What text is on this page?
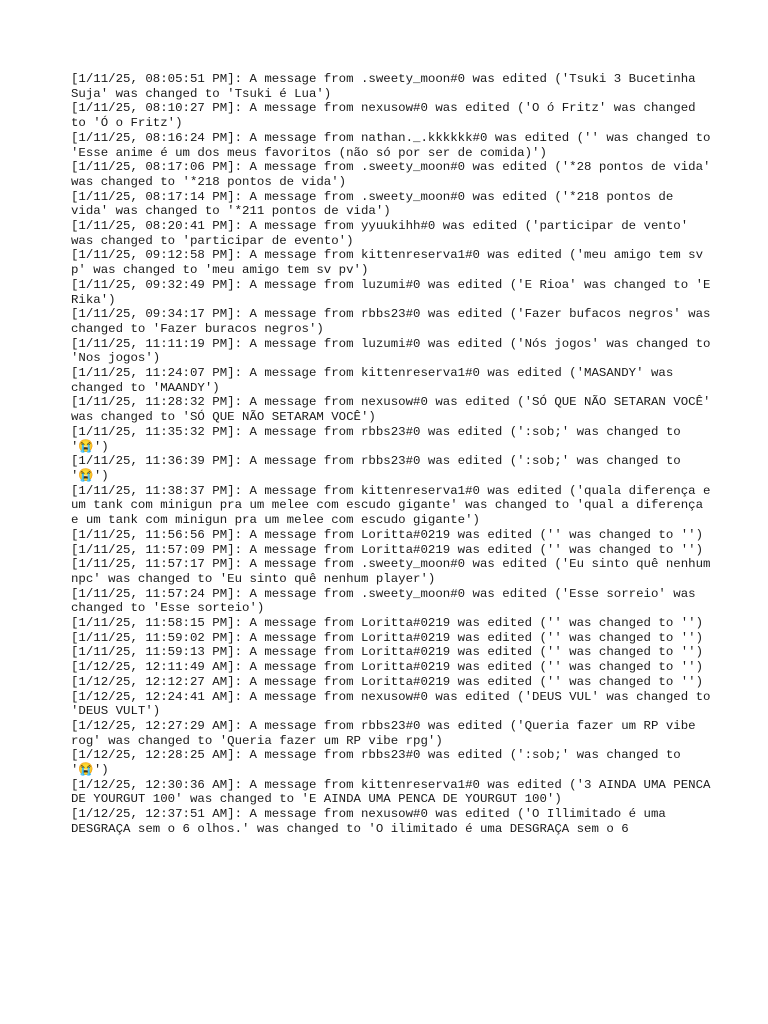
[1/11/25, 08:05:51 PM]: A message from .sweety_moon#0 was edited ('Tsuki 3 Bucetinha Suja' was changed to 'Tsuki é Lua')

[1/11/25, 08:10:27 PM]: A message from nexusow#0 was edited ('O ó Fritz' was changed to 'Ó o Fritz')

[1/11/25, 08:16:24 PM]: A message from nathan._.kkkkkk#0 was edited ('' was changed to 'Esse anime é um dos meus favoritos (não só por ser de comida)')

[1/11/25, 08:17:06 PM]: A message from .sweety_moon#0 was edited ('*28 pontos de vida' was changed to '*218 pontos de vida')

[1/11/25, 08:17:14 PM]: A message from .sweety_moon#0 was edited ('*218 pontos de vida' was changed to '*211 pontos de vida')

[1/11/25, 08:20:41 PM]: A message from yyuukihh#0 was edited ('participar de vento' was changed to 'participar de evento')

[1/11/25, 09:12:58 PM]: A message from kittenreserva1#0 was edited ('meu amigo tem sv p' was changed to 'meu amigo tem sv pv')

[1/11/25, 09:32:49 PM]: A message from luzumi#0 was edited ('E Rioa' was changed to 'E Rika')

[1/11/25, 09:34:17 PM]: A message from rbbs23#0 was edited ('Fazer bufacos negros' was changed to 'Fazer buracos negros')

[1/11/25, 11:11:19 PM]: A message from luzumi#0 was edited ('Nós jogos' was changed to 'Nos jogos')

[1/11/25, 11:24:07 PM]: A message from kittenreserva1#0 was edited ('MASANDY' was changed to 'MAANDY')

[1/11/25, 11:28:32 PM]: A message from nexusow#0 was edited ('SÓ QUE NÃO SETARAN VOCÊ' was changed to 'SÓ QUE NÃO SETARAM VOCÊ')

[1/11/25, 11:35:32 PM]: A message from rbbs23#0 was edited (':sob;' was changed to '😭')

[1/11/25, 11:36:39 PM]: A message from rbbs23#0 was edited (':sob;' was changed to '😭')

[1/11/25, 11:38:37 PM]: A message from kittenreserva1#0 was edited ('quala diferença e um tank com minigun pra um melee com escudo gigante' was changed to 'qual a diferença e um tank com minigun pra um melee com escudo gigante')

[1/11/25, 11:56:56 PM]: A message from Loritta#0219 was edited ('' was changed to '')

[1/11/25, 11:57:09 PM]: A message from Loritta#0219 was edited ('' was changed to '')

[1/11/25, 11:57:17 PM]: A message from .sweety_moon#0 was edited ('Eu sinto quê nenhum npc' was changed to 'Eu sinto quê nenhum player')

[1/11/25, 11:57:24 PM]: A message from .sweety_moon#0 was edited ('Esse sorreio' was changed to 'Esse sorteio')

[1/11/25, 11:58:15 PM]: A message from Loritta#0219 was edited ('' was changed to '')

[1/11/25, 11:59:02 PM]: A message from Loritta#0219 was edited ('' was changed to '')

[1/11/25, 11:59:13 PM]: A message from Loritta#0219 was edited ('' was changed to '')

[1/12/25, 12:11:49 AM]: A message from Loritta#0219 was edited ('' was changed to '')

[1/12/25, 12:12:27 AM]: A message from Loritta#0219 was edited ('' was changed to '')

[1/12/25, 12:24:41 AM]: A message from nexusow#0 was edited ('DEUS VUL' was changed to 'DEUS VULT')

[1/12/25, 12:27:29 AM]: A message from rbbs23#0 was edited ('Queria fazer um RP vibe rog' was changed to 'Queria fazer um RP vibe rpg')

[1/12/25, 12:28:25 AM]: A message from rbbs23#0 was edited (':sob;' was changed to '😭')

[1/12/25, 12:30:36 AM]: A message from kittenreserva1#0 was edited ('3 AINDA UMA PENCA DE YOURGUT 100' was changed to 'E AINDA UMA PENCA DE YOURGUT 100')

[1/12/25, 12:37:51 AM]: A message from nexusow#0 was edited ('O Illimitado é uma DESGRAÇA sem o 6 olhos.' was changed to 'O ilimitado é uma DESGRAÇA sem o 6
